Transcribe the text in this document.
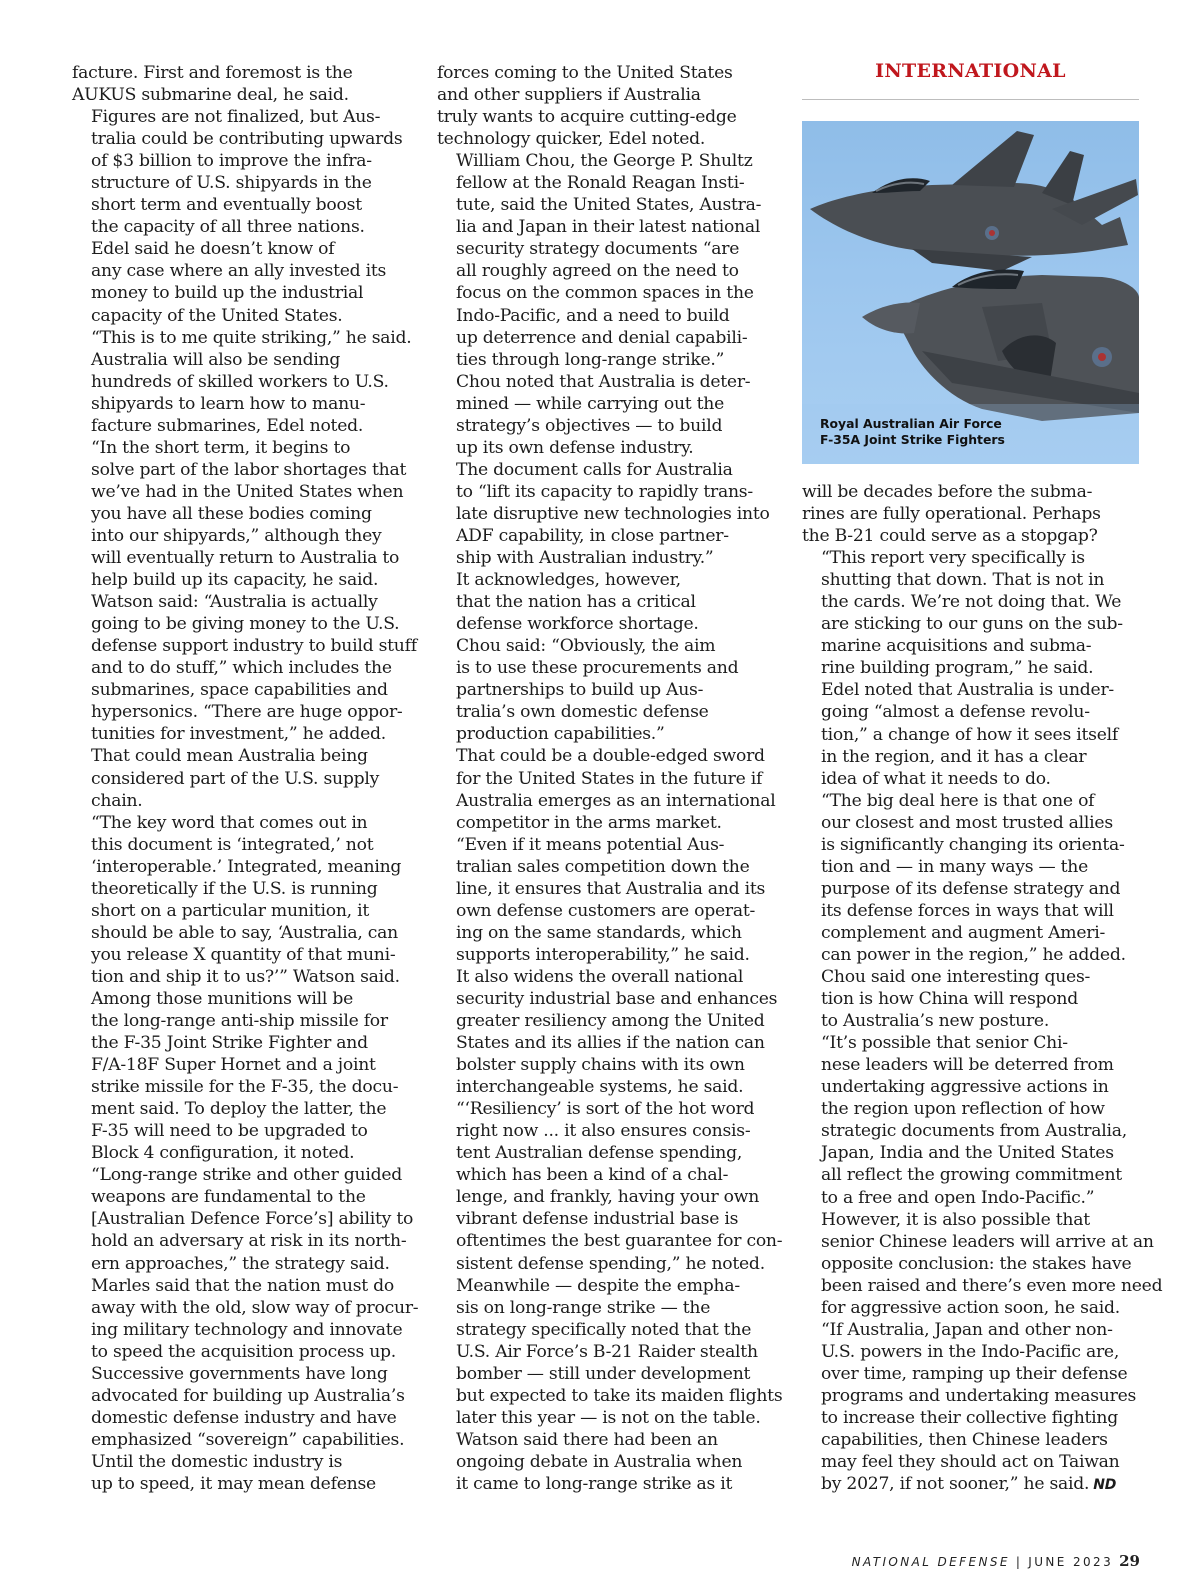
INTERNATIONAL
Royal Australian Air Force
F-35A Joint Strike Fighters

facture. First and foremost is the
AUKUS submarine deal, he said.

Figures are not finalized, but Aus-
tralia could be contributing upwards
of $3 billion to improve the infra-
structure of U.S. shipyards in the
short term and eventually boost
the capacity of all three nations.

Edel said he doesn’t know of
any case where an ally invested its
money to build up the industrial
capacity of the United States.

“This is to me quite striking,” he said.

Australia will also be sending
hundreds of skilled workers to U.S.
shipyards to learn how to manu-
facture submarines, Edel noted.

“In the short term, it begins to
solve part of the labor shortages that
we’ve had in the United States when
you have all these bodies coming
into our shipyards,” although they
will eventually return to Australia to
help build up its capacity, he said.

Watson said: “Australia is actually
going to be giving money to the U.S.
defense support industry to build stuff
and to do stuff,” which includes the
submarines, space capabilities and
hypersonics. “There are huge oppor-
tunities for investment,” he added.

That could mean Australia being
considered part of the U.S. supply
chain.

“The key word that comes out in
this document is ‘integrated,’ not
‘interoperable.’ Integrated, meaning
theoretically if the U.S. is running
short on a particular munition, it
should be able to say, ‘Australia, can
you release X quantity of that muni-
tion and ship it to us?’” Watson said.

Among those munitions will be
the long-range anti-ship missile for
the F-35 Joint Strike Fighter and
F/A-18F Super Hornet and a joint
strike missile for the F-35, the docu-
ment said. To deploy the latter, the
F-35 will need to be upgraded to
Block 4 configuration, it noted.

“Long-range strike and other guided
weapons are fundamental to the
[Australian Defence Force’s] ability to
hold an adversary at risk in its north-
ern approaches,” the strategy said.

Marles said that the nation must do
away with the old, slow way of procur-
ing military technology and innovate
to speed the acquisition process up.
Successive governments have long
advocated for building up Australia’s
domestic defense industry and have
emphasized “sovereign” capabilities.

Until the domestic industry is
up to speed, it may mean defense

forces coming to the United States
and other suppliers if Australia
truly wants to acquire cutting-edge
technology quicker, Edel noted.

William Chou, the George P. Shultz
fellow at the Ronald Reagan Insti-
tute, said the United States, Austra-
lia and Japan in their latest national
security strategy documents “are
all roughly agreed on the need to
focus on the common spaces in the
Indo-Pacific, and a need to build
up deterrence and denial capabili-
ties through long-range strike.”

Chou noted that Australia is deter-
mined — while carrying out the
strategy’s objectives — to build
up its own defense industry.

The document calls for Australia
to “lift its capacity to rapidly trans-
late disruptive new technologies into
ADF capability, in close partner-
ship with Australian industry.”

It acknowledges, however,
that the nation has a critical
defense workforce shortage.

Chou said: “Obviously, the aim
is to use these procurements and
partnerships to build up Aus-
tralia’s own domestic defense
production capabilities.”

That could be a double-edged sword
for the United States in the future if
Australia emerges as an international
competitor in the arms market.

“Even if it means potential Aus-
tralian sales competition down the
line, it ensures that Australia and its
own defense customers are operat-
ing on the same standards, which
supports interoperability,” he said.

It also widens the overall national
security industrial base and enhances
greater resiliency among the United
States and its allies if the nation can
bolster supply chains with its own
interchangeable systems, he said.

“‘Resiliency’ is sort of the hot word
right now ... it also ensures consis-
tent Australian defense spending,
which has been a kind of a chal-
lenge, and frankly, having your own
vibrant defense industrial base is
oftentimes the best guarantee for con-
sistent defense spending,” he noted.

Meanwhile — despite the empha-
sis on long-range strike — the
strategy specifically noted that the
U.S. Air Force’s B-21 Raider stealth
bomber — still under development
but expected to take its maiden flights
later this year — is not on the table.

Watson said there had been an
ongoing debate in Australia when
it came to long-range strike as it

will be decades before the subma-
rines are fully operational. Perhaps
the B-21 could serve as a stopgap?

“This report very specifically is
shutting that down. That is not in
the cards. We’re not doing that. We
are sticking to our guns on the sub-
marine acquisitions and subma-
rine building program,” he said.

Edel noted that Australia is under-
going “almost a defense revolu-
tion,” a change of how it sees itself
in the region, and it has a clear
idea of what it needs to do.

“The big deal here is that one of
our closest and most trusted allies
is significantly changing its orienta-
tion and — in many ways — the
purpose of its defense strategy and
its defense forces in ways that will
complement and augment Ameri-
can power in the region,” he added.

Chou said one interesting ques-
tion is how China will respond
to Australia’s new posture.

“It’s possible that senior Chi-
nese leaders will be deterred from
undertaking aggressive actions in
the region upon reflection of how
strategic documents from Australia,
Japan, India and the United States
all reflect the growing commitment
to a free and open Indo-Pacific.”

However, it is also possible that
senior Chinese leaders will arrive at an
opposite conclusion: the stakes have
been raised and there’s even more need
for aggressive action soon, he said.

“If Australia, Japan and other non-
U.S. powers in the Indo-Pacific are,
over time, ramping up their defense
programs and undertaking measures
to increase their collective fighting
capabilities, then Chinese leaders
may feel they should act on Taiwan
by 2027, if not sooner,” he said. ND

NATIONAL DEFENSE | JUNE 2023 29
